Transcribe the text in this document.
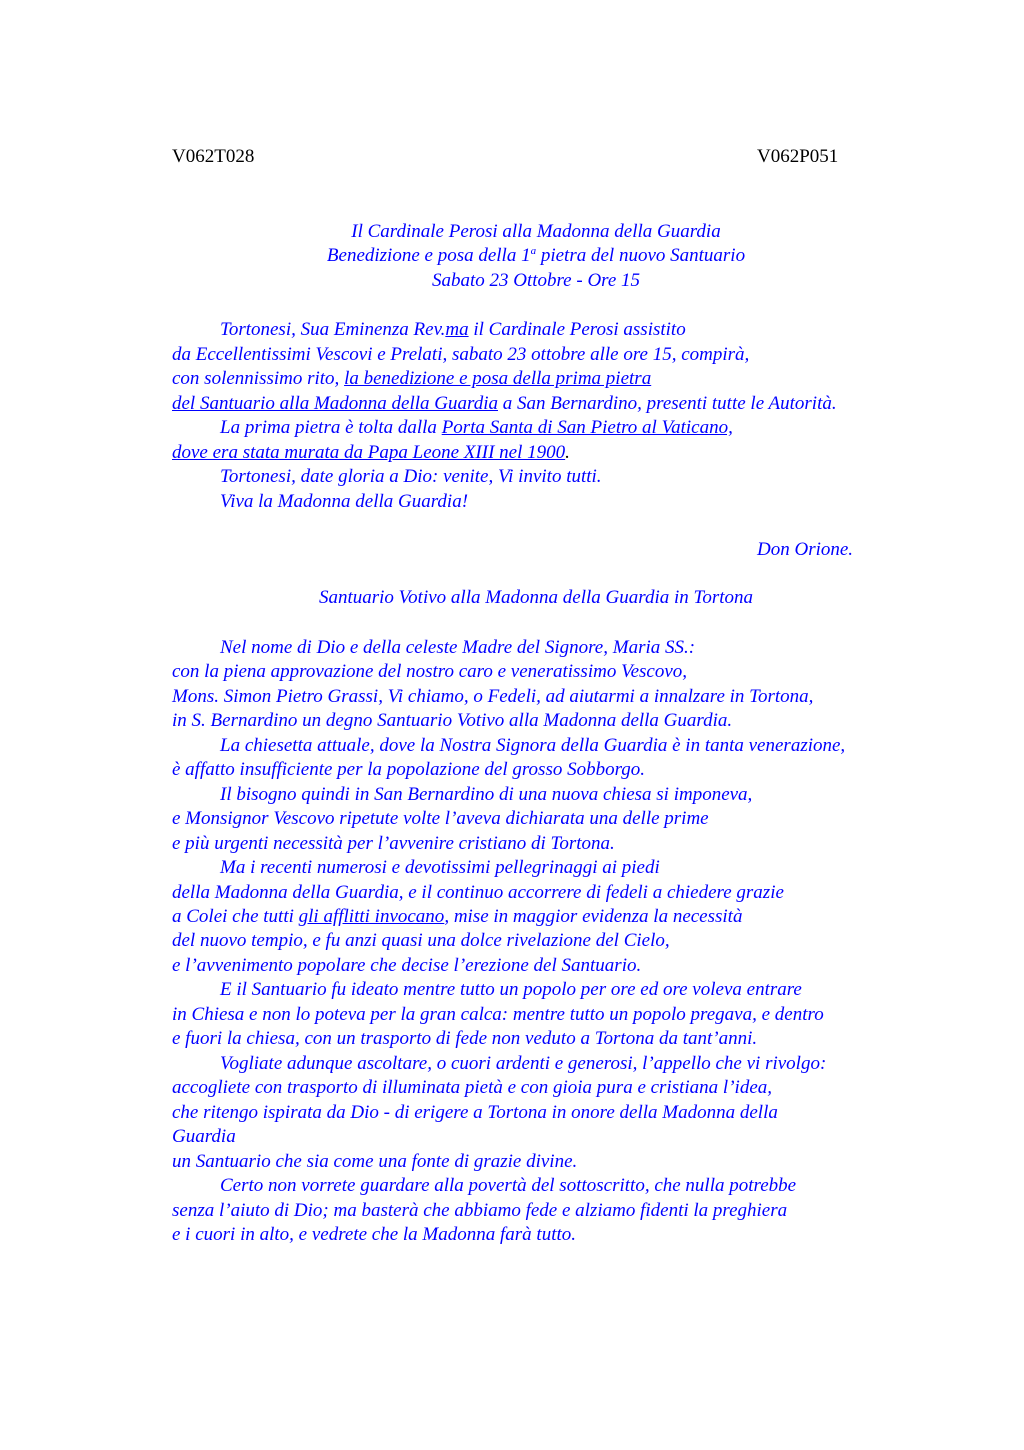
V062T028	V062P051
Il Cardinale Perosi alla Madonna della Guardia
Benedizione e posa della 1$^a$ pietra del nuovo Santuario
Sabato 23 Ottobre - Ore 15
Tortonesi, Sua Eminenza Rev.ma il Cardinale Perosi assistito
da Eccellentissimi Vescovi e Prelati, sabato 23 ottobre alle ore 15, compirà,
con solennissimo rito, la benedizione e posa della prima pietra
del Santuario alla Madonna della Guardia a San Bernardino, presenti tutte le Autorità.
La prima pietra è tolta dalla Porta Santa di San Pietro al Vaticano,
dove era stata murata da Papa Leone XIII nel 1900.
Tortonesi, date gloria a Dio: venite, Vi invito tutti.
Viva la Madonna della Guardia!
Don Orione.
Santuario Votivo alla Madonna della Guardia in Tortona
Nel nome di Dio e della celeste Madre del Signore, Maria SS.:
con la piena approvazione del nostro caro e veneratissimo Vescovo,
Mons. Simon Pietro Grassi, Vi chiamo, o Fedeli, ad aiutarmi a innalzare in Tortona,
in S. Bernardino un degno Santuario Votivo alla Madonna della Guardia.
La chiesetta attuale, dove la Nostra Signora della Guardia è in tanta venerazione,
è affatto insufficiente per la popolazione del grosso Sobborgo.
Il bisogno quindi in San Bernardino di una nuova chiesa si imponeva,
e Monsignor Vescovo ripetute volte l’aveva dichiarata una delle prime
e più urgenti necessità per l’avvenire cristiano di Tortona.
Ma i recenti numerosi e devotissimi pellegrinaggi ai piedi
della Madonna della Guardia, e il continuo accorrere di fedeli a chiedere grazie
a Colei che tutti gli afflitti invocano, mise in maggior evidenza la necessità
del nuovo tempio, e fu anzi quasi una dolce rivelazione del Cielo,
e l’avvenimento popolare che decise l’erezione del Santuario.
E il Santuario fu ideato mentre tutto un popolo per ore ed ore voleva entrare
in Chiesa e non lo poteva per la gran calca: mentre tutto un popolo pregava, e dentro
e fuori la chiesa, con un trasporto di fede non veduto a Tortona da tant’anni.
Vogliate adunque ascoltare, o cuori ardenti e generosi, l’appello che vi rivolgo:
accogliete con trasporto di illuminata pietà e con gioia pura e cristiana l’idea,
che ritengo ispirata da Dio - di erigere a Tortona in onore della Madonna della
Guardia
un Santuario che sia come una fonte di grazie divine.
Certo non vorrete guardare alla povertà del sottoscritto, che nulla potrebbe
senza l’aiuto di Dio; ma basterà che abbiamo fede e alziamo fidenti la preghiera
e i cuori in alto, e vedrete che la Madonna farà tutto.
